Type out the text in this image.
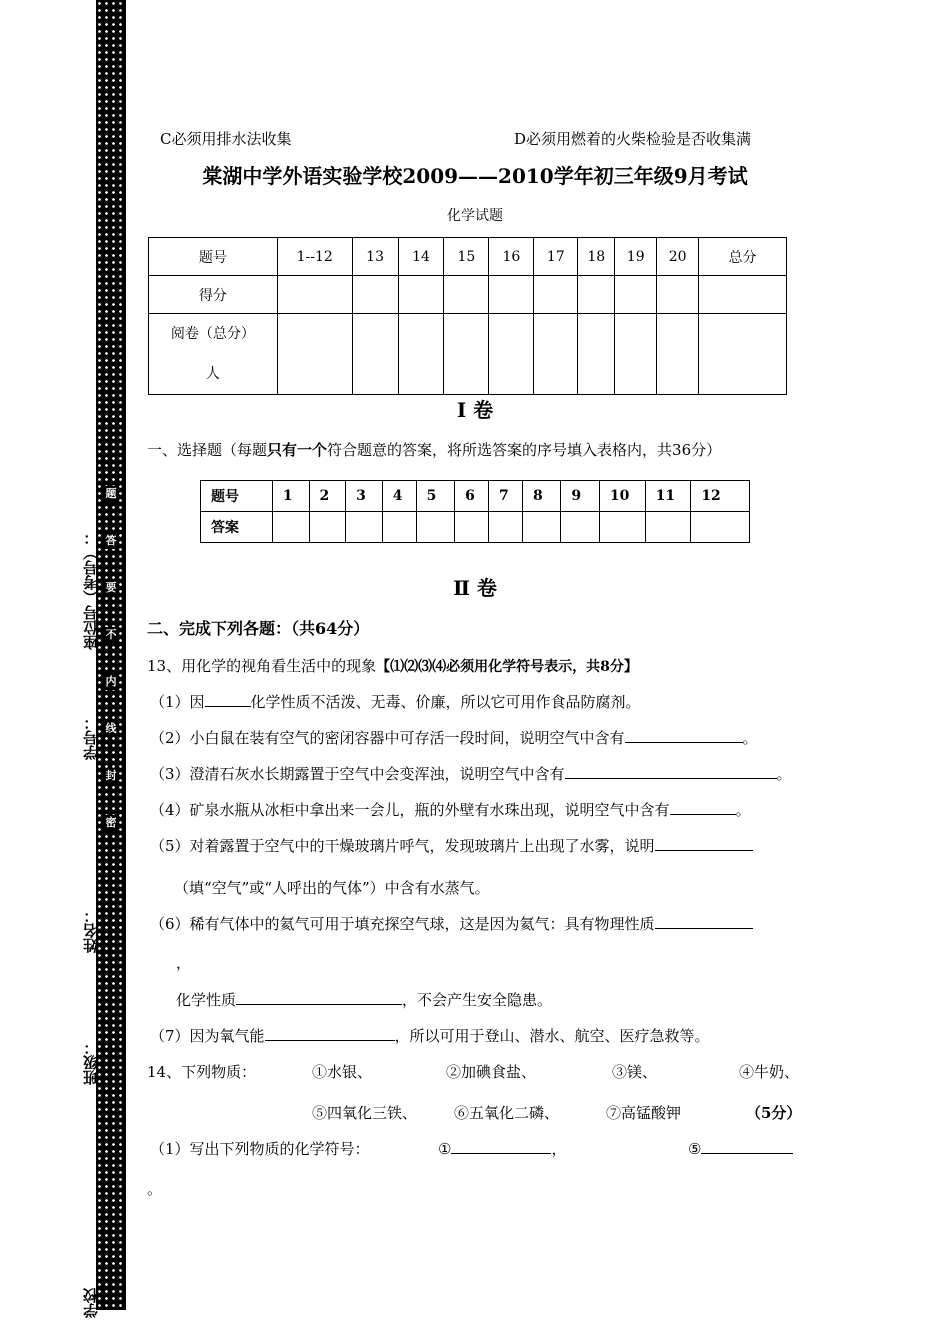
题
答
要
不
内
线
封
密
座位号（考号）：
学号：
姓名：
班级：
学校
C必须用排水法收集	D必须用燃着的火柴检验是否收集满
棠湖中学外语实验学校2009——2010学年初三年级9月考试
化学试题
题号	1--12	13	14	15	16	17	18	19	20	总分
得分										

阅卷（总分）
人										

Ⅰ 卷
一、选择题（每题只有一个符合题意的答案，将所选答案的序号填入表格内，共36分）
题号	1	2	3	4	5	6	7	8	9	10	11	12
答案												
Ⅱ 卷
二、完成下列各题：（共64分）
13、用化学的视角看生活中的现象【⑴⑵⑶⑷必须用化学符号表示，共8分】
（1）因	化学性质不活泼、无毒、价廉，所以它可用作食品防腐剂。
（2）小白鼠在装有空气的密闭容器中可存活一段时间，说明空气中含有	。
（3）澄清石灰水长期露置于空气中会变浑浊，说明空气中含有	。
（4）矿泉水瓶从冰柜中拿出来一会儿，瓶的外壁有水珠出现，说明空气中含有	。
（5）对着露置于空气中的干燥玻璃片呼气，发现玻璃片上出现了水雾，说明
（填“空气”或“人呼出的气体”）中含有水蒸气。
（6）稀有气体中的氦气可用于填充探空气球，这是因为氦气：具有物理性质
，
化学性质	，不会产生安全隐患。
（7）因为氧气能	，所以可用于登山、潜水、航空、医疗急救等。
14、下列物质：	①水银、	②加碘食盐、	③镁、	④牛奶、
⑤四氧化三铁、 ⑥五氧化二磷、	⑦高锰酸钾	（5分）
（1）写出下列物质的化学符号：	①	，	⑤
。
